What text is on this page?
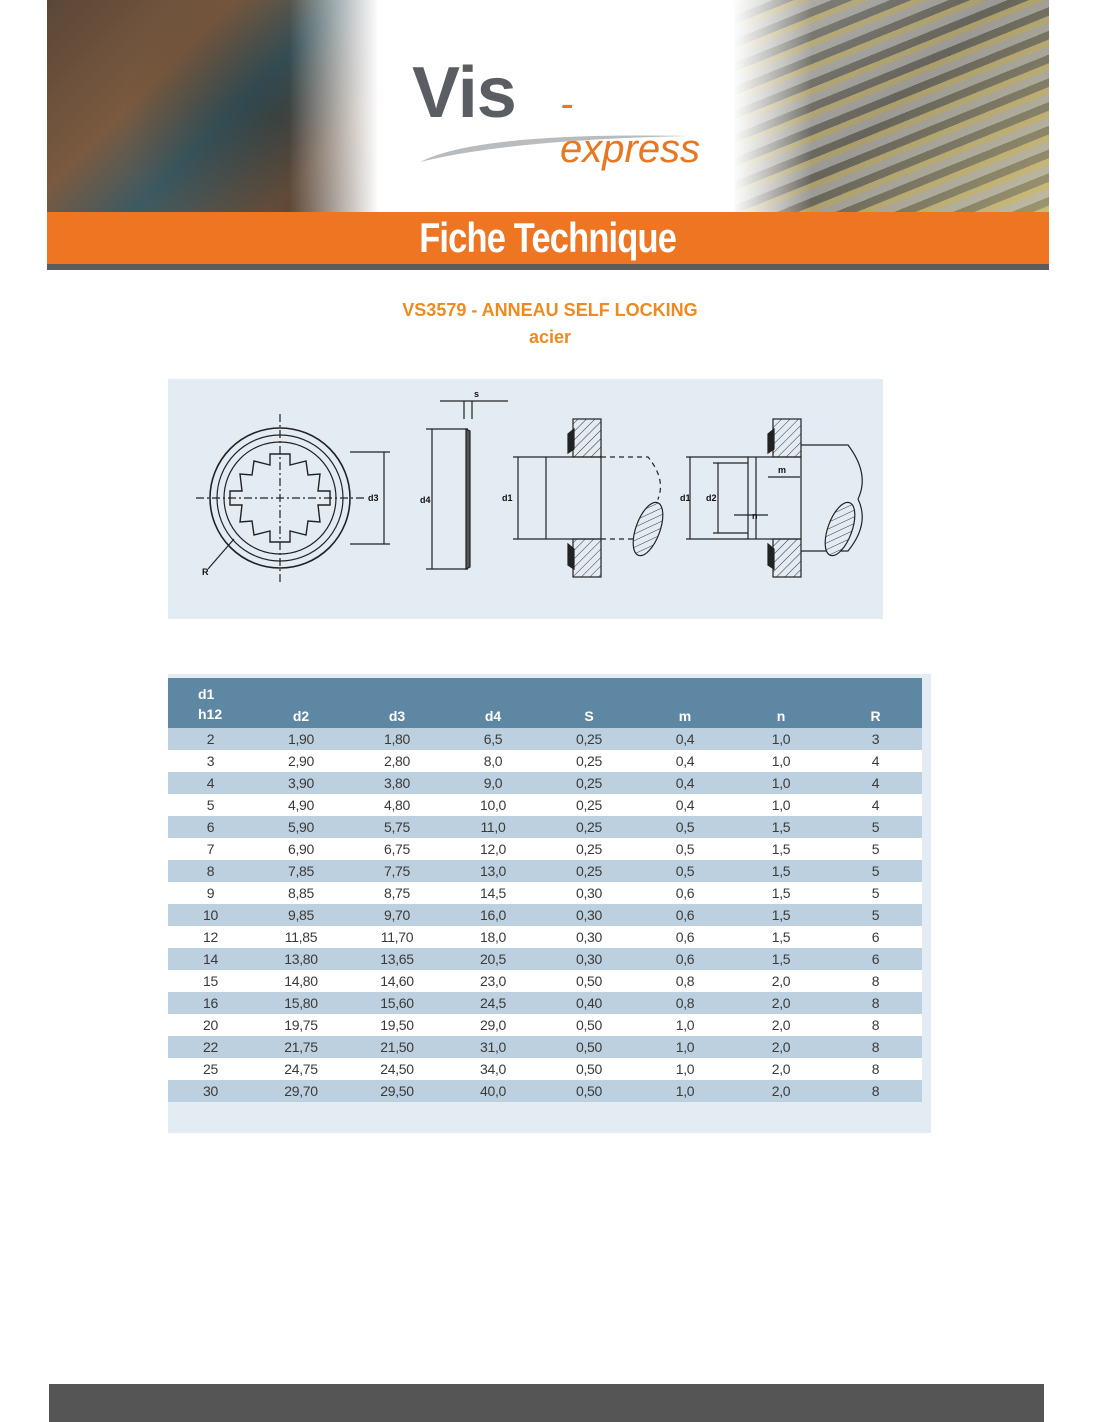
Vis -express
Fiche Technique
VS3579 - ANNEAU SELF LOCKING
acier
R
d3	d4
s
d1	d1 d2
m
n
d1
h12	d2	d3	d4	S	m	n	R
2	1,90	1,80	6,5	0,25	0,4	1,0	3
3	2,90	2,80	8,0	0,25	0,4	1,0	4
4	3,90	3,80	9,0	0,25	0,4	1,0	4
5	4,90	4,80	10,0	0,25	0,4	1,0	4
6	5,90	5,75	11,0	0,25	0,5	1,5	5
7	6,90	6,75	12,0	0,25	0,5	1,5	5
8	7,85	7,75	13,0	0,25	0,5	1,5	5
9	8,85	8,75	14,5	0,30	0,6	1,5	5
10	9,85	9,70	16,0	0,30	0,6	1,5	5
12	11,85	11,70	18,0	0,30	0,6	1,5	6
14	13,80	13,65	20,5	0,30	0,6	1,5	6
15	14,80	14,60	23,0	0,50	0,8	2,0	8
16	15,80	15,60	24,5	0,40	0,8	2,0	8
20	19,75	19,50	29,0	0,50	1,0	2,0	8
22	21,75	21,50	31,0	0,50	1,0	2,0	8
25	24,75	24,50	34,0	0,50	1,0	2,0	8
30	29,70	29,50	40,0	0,50	1,0	2,0	8
